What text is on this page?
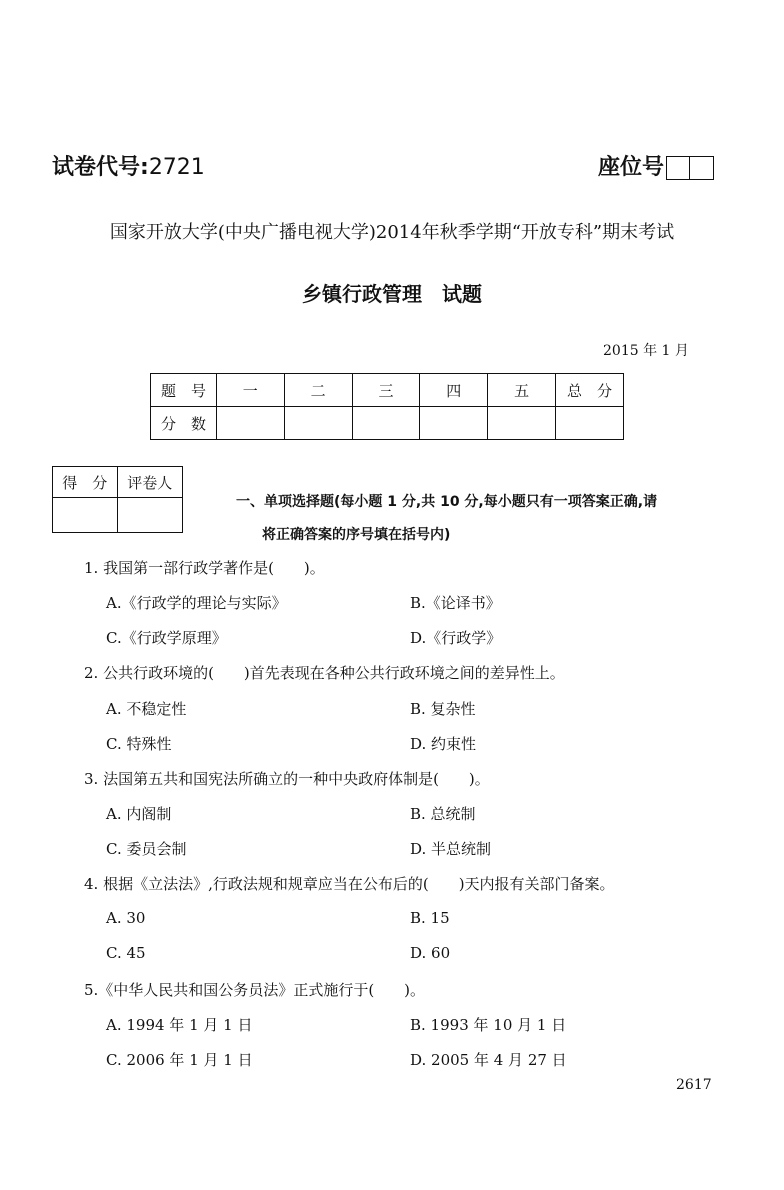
试卷代号:2721	座位号
国家开放大学(中央广播电视大学)2014年秋季学期“开放专科”期末考试
乡镇行政管理　试题
2015 年 1 月
题　号	一	二	三	四	五	总　分
分　数						
得　分	评卷人

一、单项选择题(每小题 1 分,共 10 分,每小题只有一项答案正确,请
将正确答案的序号填在括号内)
1. 我国第一部行政学著作是(　　)。
A.《行政学的理论与实际》	B.《论译书》
C.《行政学原理》	D.《行政学》
2. 公共行政环境的(　　)首先表现在各种公共行政环境之间的差异性上。
A. 不稳定性	B. 复杂性
C. 特殊性	D. 约束性
3. 法国第五共和国宪法所确立的一种中央政府体制是(　　)。
A. 内阁制	B. 总统制
C. 委员会制	D. 半总统制
4. 根据《立法法》,行政法规和规章应当在公布后的(　　)天内报有关部门备案。
A. 30	B. 15
C. 45	D. 60
5.《中华人民共和国公务员法》正式施行于(　　)。
A. 1994 年 1 月 1 日	B. 1993 年 10 月 1 日
C. 2006 年 1 月 1 日	D. 2005 年 4 月 27 日
2617
